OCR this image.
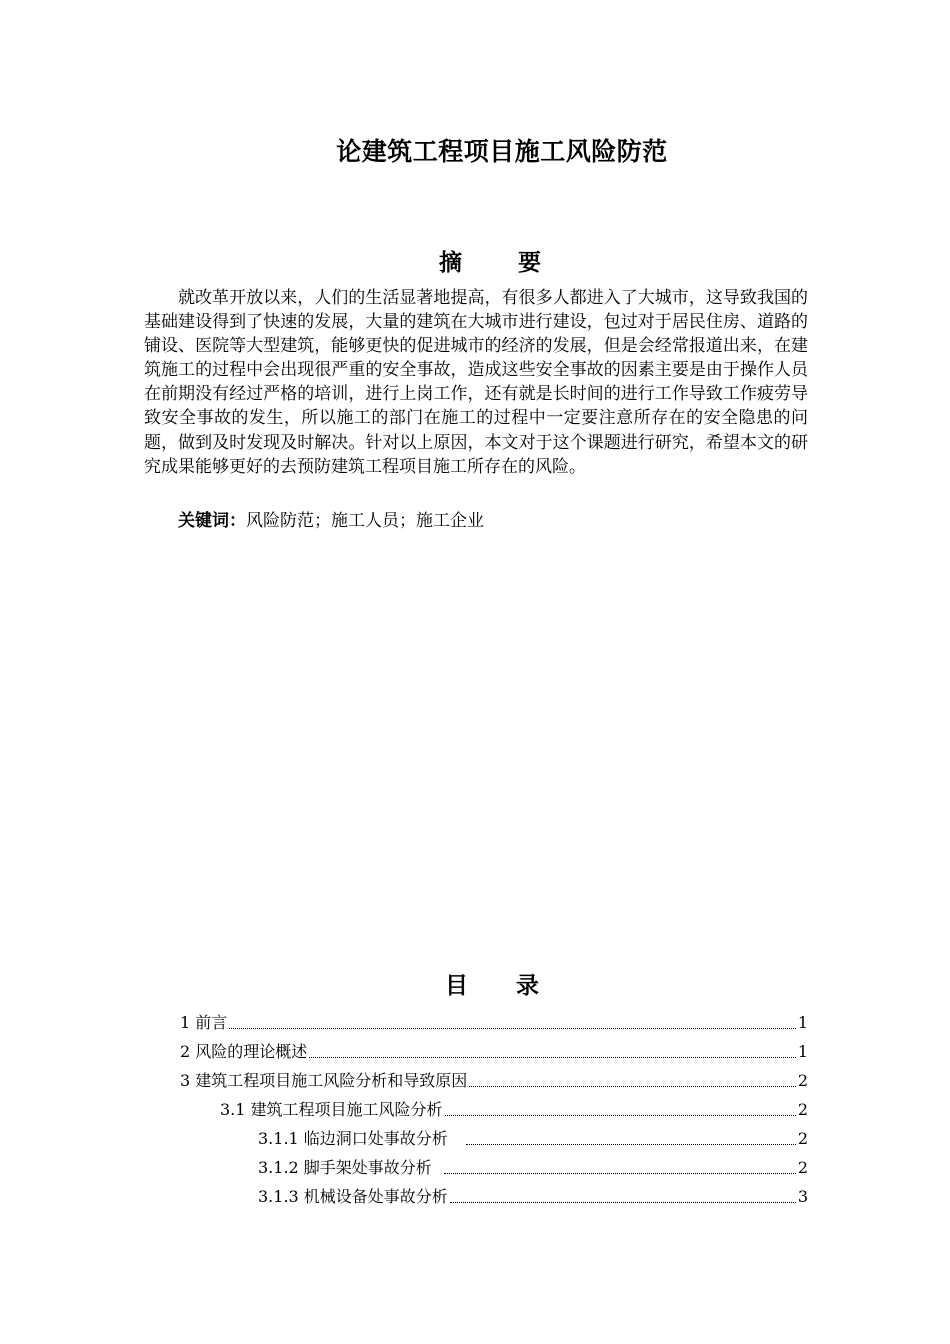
论建筑工程项目施工风险防范
摘 要
就改革开放以来，人们的生活显著地提高，有很多人都进入了大城市，这导致我国的基础建设得到了快速的发展，大量的建筑在大城市进行建设，包过对于居民住房、道路的铺设、医院等大型建筑，能够更快的促进城市的经济的发展，但是会经常报道出来，在建筑施工的过程中会出现很严重的安全事故，造成这些安全事故的因素主要是由于操作人员在前期没有经过严格的培训，进行上岗工作，还有就是长时间的进行工作导致工作疲劳导致安全事故的发生，所以施工的部门在施工的过程中一定要注意所存在的安全隐患的问题，做到及时发现及时解决。针对以上原因，本文对于这个课题进行研究，希望本文的研究成果能够更好的去预防建筑工程项目施工所存在的风险。
关键词：风险防范；施工人员；施工企业
目 录
1 前言	1
2 风险的理论概述	1
3 建筑工程项目施工风险分析和导致原因	2
3.1 建筑工程项目施工风险分析	2
3.1.1 临边洞口处事故分析	2
3.1.2 脚手架处事故分析	2
3.1.3 机械设备处事故分析	3
